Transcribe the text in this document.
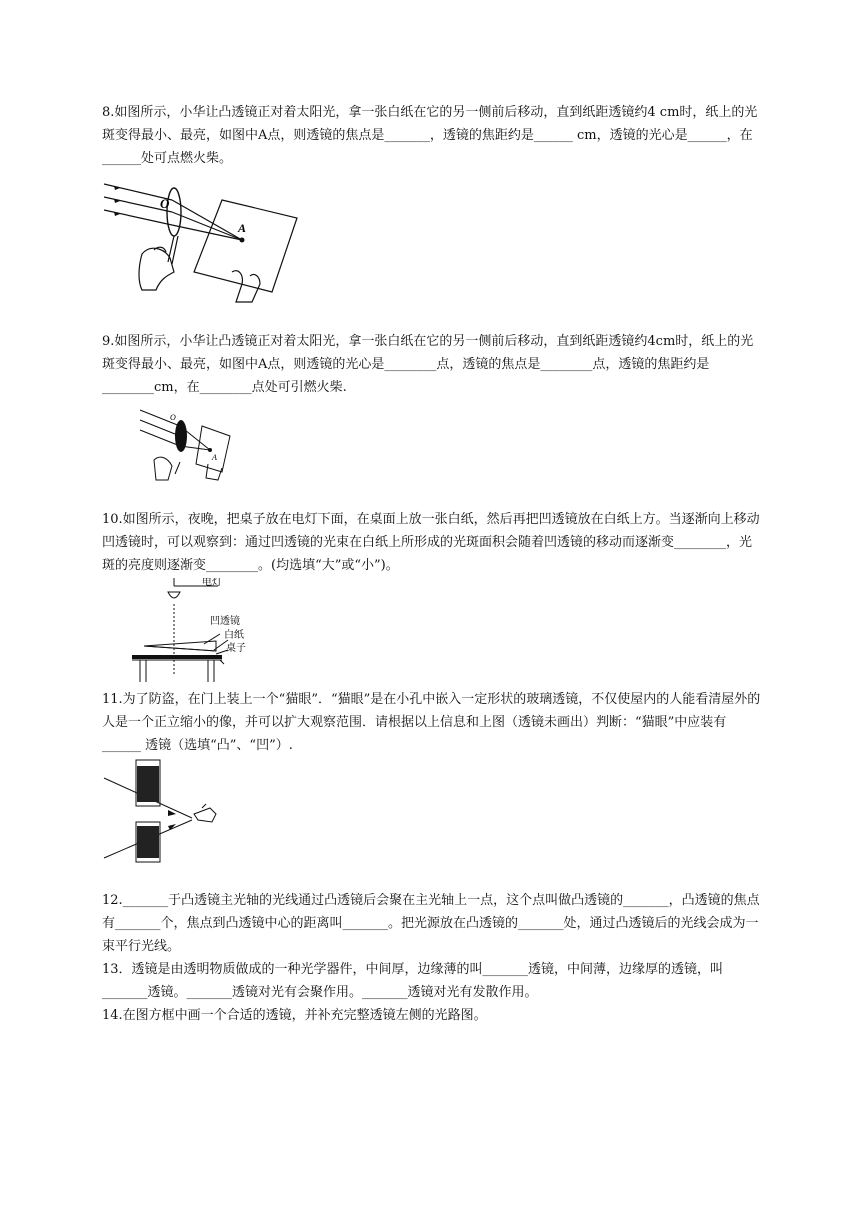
8.如图所示，小华让凸透镜正对着太阳光，拿一张白纸在它的另一侧前后移动，直到纸距透镜约4 cm时，纸上的光斑变得最小、最亮，如图中A点，则透镜的焦点是_______，透镜的焦距约是______ cm，透镜的光心是______，在______处可点燃火柴。

O
A

9.如图所示，小华让凸透镜正对着太阳光，拿一张白纸在它的另一侧前后移动，直到纸距透镜约4cm时，纸上的光斑变得最小、最亮，如图中A点，则透镜的光心是________点，透镜的焦点是________点，透镜的焦距约是________cm，在________点处可引燃火柴.

O
A

10.如图所示，夜晚，把桌子放在电灯下面，在桌面上放一张白纸，然后再把凹透镜放在白纸上方。当逐渐向上移动凹透镜时，可以观察到：通过凹透镜的光束在白纸上所形成的光斑面积会随着凹透镜的移动而逐渐变________，光斑的亮度则逐渐变________。(均选填“大”或“小”)。

电灯
凹透镜
白纸
桌子

11.为了防盗，在门上装上一个“猫眼”．“猫眼”是在小孔中嵌入一定形状的玻璃透镜，不仅使屋内的人能看清屋外的人是一个正立缩小的像，并可以扩大观察范围．请根据以上信息和上图（透镜未画出）判断：“猫眼”中应装有 ______ 透镜（选填“凸”、“凹”）.

12._______于凸透镜主光轴的光线通过凸透镜后会聚在主光轴上一点，这个点叫做凸透镜的_______，凸透镜的焦点有_______个，焦点到凸透镜中心的距离叫_______。把光源放在凸透镜的_______处，通过凸透镜后的光线会成为一束平行光线。

13．透镜是由透明物质做成的一种光学器件，中间厚，边缘薄的叫_______透镜，中间薄，边缘厚的透镜，叫_______透镜。_______透镜对光有会聚作用。_______透镜对光有发散作用。

14.在图方框中画一个合适的透镜，并补充完整透镜左侧的光路图。
